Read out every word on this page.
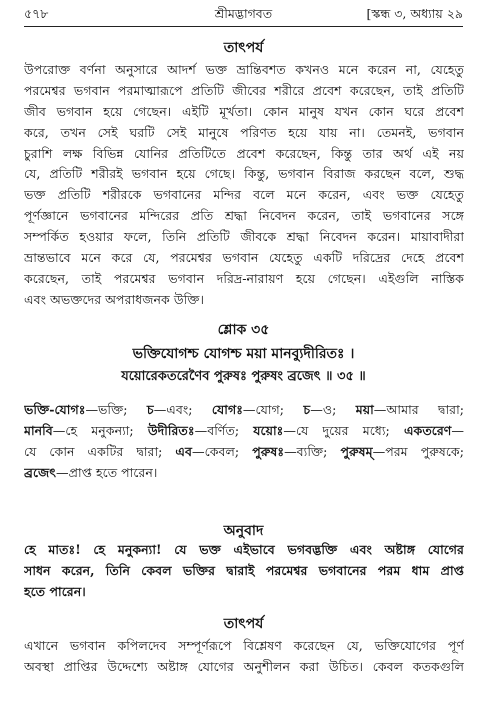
৫৭৮	শ্রীমদ্ভাগবত	[স্কন্ধ ৩, অধ্যায় ২৯
তাৎপর্য
উপরোক্ত বর্ণনা অনুসারে আদর্শ ভক্ত ভ্রান্তিবশত কখনও মনে করেন না, যেহেতু
পরমেশ্বর ভগবান পরমাত্মারূপে প্রতিটি জীবের শরীরে প্রবেশ করেছেন, তাই প্রতিটি
জীব ভগবান হয়ে গেছেন। এইটি মূর্খতা। কোন মানুষ যখন কোন ঘরে প্রবেশ
করে, তখন সেই ঘরটি সেই মানুষে পরিণত হয়ে যায় না। তেমনই, ভগবান
চুরাশি লক্ষ বিভিন্ন যোনির প্রতিটিতে প্রবেশ করেছেন, কিন্তু তার অর্থ এই নয়
যে, প্রতিটি শরীরই ভগবান হয়ে গেছে। কিন্তু, ভগবান বিরাজ করছেন বলে, শুদ্ধ
ভক্ত প্রতিটি শরীরকে ভগবানের মন্দির বলে মনে করেন, এবং ভক্ত যেহেতু
পূর্ণজ্ঞানে ভগবানের মন্দিরের প্রতি শ্রদ্ধা নিবেদন করেন, তাই ভগবানের সঙ্গে
সম্পর্কিত হওয়ার ফলে, তিনি প্রতিটি জীবকে শ্রদ্ধা নিবেদন করেন। মায়াবাদীরা
ভ্রান্তভাবে মনে করে যে, পরমেশ্বর ভগবান যেহেতু একটি দরিদ্রের দেহে প্রবেশ
করেছেন, তাই পরমেশ্বর ভগবান দরিদ্র-নারায়ণ হয়ে গেছেন। এইগুলি নাস্তিক
এবং অভক্তদের অপরাধজনক উক্তি।
শ্লোক ৩৫
ভক্তিযোগশ্চ যোগশ্চ ময়া মানব্যুদীরিতঃ ।
যয়োরেকতরেণৈব পুরুষঃ পুরুষং ব্রজেৎ ॥ ৩৫ ॥
ভক্তি-যোগঃ—ভক্তি; চ—এবং; যোগঃ—যোগ; চ—ও; ময়া—আমার দ্বারা;
মানবি—হে মনুকন্যা; উদীরিতঃ—বর্ণিত; যয়োঃ—যে দুয়ের মধ্যে; একতরেণ—
যে কোন একটির দ্বারা; এব—কেবল; পুরুষঃ—ব্যক্তি; পুরুষম্—পরম পুরুষকে;
ব্রজেৎ—প্রাপ্ত হতে পারেন।
অনুবাদ
হে মাতঃ! হে মনুকন্যা! যে ভক্ত এইভাবে ভগবদ্ভক্তি এবং অষ্টাঙ্গ যোগের
সাধন করেন, তিনি কেবল ভক্তির দ্বারাই পরমেশ্বর ভগবানের পরম ধাম প্রাপ্ত
হতে পারেন।
তাৎপর্য
এখানে ভগবান কপিলদেব সম্পূর্ণরূপে বিশ্লেষণ করেছেন যে, ভক্তিযোগের পূর্ণ
অবস্থা প্রাপ্তির উদ্দেশ্যে অষ্টাঙ্গ যোগের অনুশীলন করা উচিত। কেবল কতকগুলি
